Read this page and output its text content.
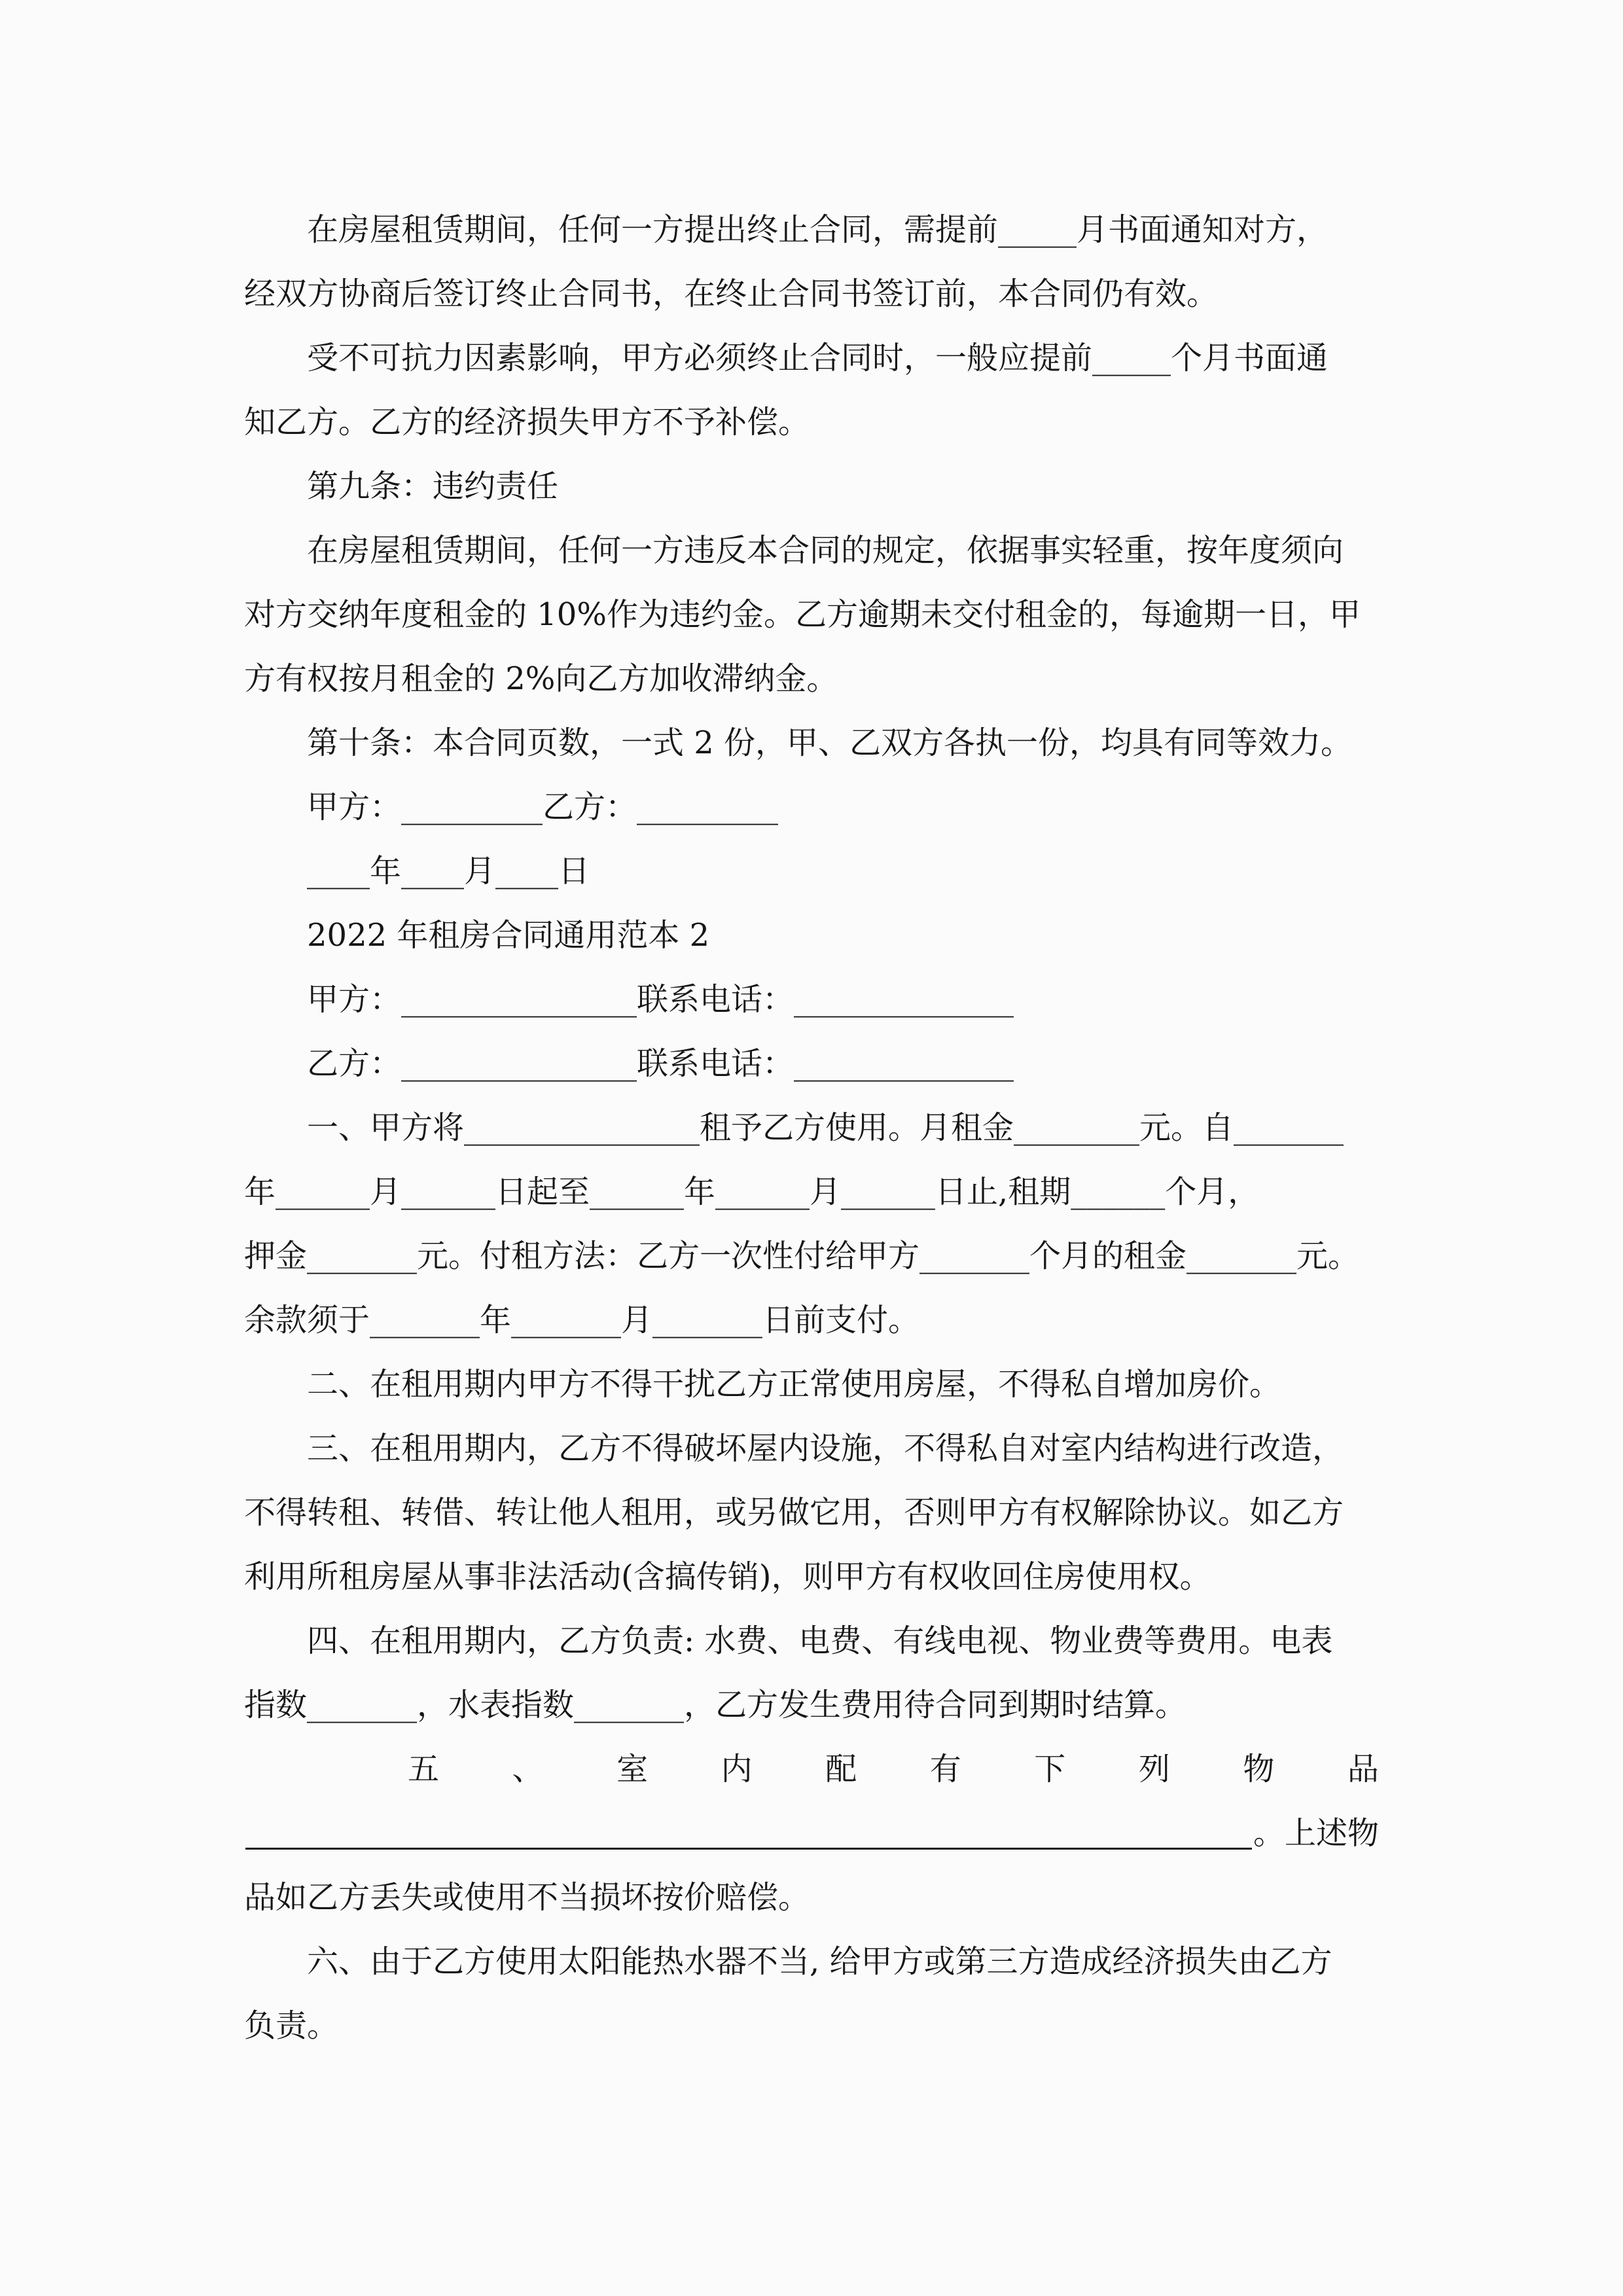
在房屋租赁期间，任何一方提出终止合同，需提前_____月书面通知对方，
经双方协商后签订终止合同书，在终止合同书签订前，本合同仍有效。
受不可抗力因素影响，甲方必须终止合同时，一般应提前_____个月书面通
知乙方。乙方的经济损失甲方不予补偿。
第九条：违约责任
在房屋租赁期间，任何一方违反本合同的规定，依据事实轻重，按年度须向
对方交纳年度租金的 10%作为违约金。乙方逾期未交付租金的，每逾期一日，甲
方有权按月租金的 2%向乙方加收滞纳金。
第十条：本合同页数，一式 2 份，甲、乙双方各执一份，均具有同等效力。
甲方：_________乙方：_________
____年____月____日
2022 年租房合同通用范本 2
甲方：_______________联系电话：______________
乙方：_______________联系电话：______________
一、甲方将_______________租予乙方使用。月租金________元。自_______
年______月______日起至______年______月______日止,租期______个月，
押金_______元。付租方法：乙方一次性付给甲方_______个月的租金_______元。
余款须于_______年_______月_______日前支付。
二、在租用期内甲方不得干扰乙方正常使用房屋，不得私自增加房价。
三、在租用期内，乙方不得破坏屋内设施，不得私自对室内结构进行改造，
不得转租、转借、转让他人租用，或另做它用，否则甲方有权解除协议。如乙方
利用所租房屋从事非法活动(含搞传销)，则甲方有权收回住房使用权。
四、在租用期内，乙方负责: 水费、电费、有线电视、物业费等费用。电表
指数_______，水表指数_______，乙方发生费用待合同到期时结算。
五 、 室 内 配 有 下 列 物 品
。上述物
品如乙方丢失或使用不当损坏按价赔偿。
六、由于乙方使用太阳能热水器不当, 给甲方或第三方造成经济损失由乙方
负责。
